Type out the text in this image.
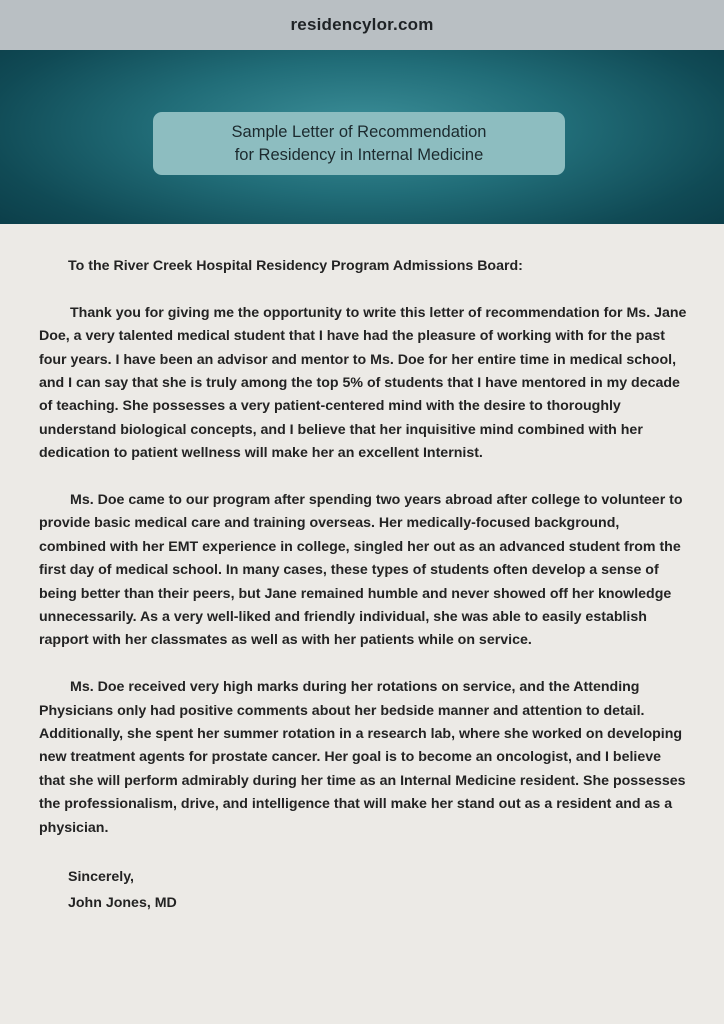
residencylor.com
Sample Letter of Recommendation
for Residency in Internal Medicine

To the River Creek Hospital Residency Program Admissions Board:

Thank you for giving me the opportunity to write this letter of recommendation for Ms. Jane Doe, a very talented medical student that I have had the pleasure of working with for the past four years. I have been an advisor and mentor to Ms. Doe for her entire time in medical school, and I can say that she is truly among the top 5% of students that I have mentored in my decade of teaching. She possesses a very patient-centered mind with the desire to thoroughly understand biological concepts, and I believe that her inquisitive mind combined with her dedication to patient wellness will make her an excellent Internist.

Ms. Doe came to our program after spending two years abroad after college to volunteer to provide basic medical care and training overseas. Her medically-focused background, combined with her EMT experience in college, singled her out as an advanced student from the first day of medical school. In many cases, these types of students often develop a sense of being better than their peers, but Jane remained humble and never showed off her knowledge unnecessarily. As a very well-liked and friendly individual, she was able to easily establish rapport with her classmates as well as with her patients while on service.

Ms. Doe received very high marks during her rotations on service, and the Attending Physicians only had positive comments about her bedside manner and attention to detail. Additionally, she spent her summer rotation in a research lab, where she worked on developing new treatment agents for prostate cancer. Her goal is to become an oncologist, and I believe that she will perform admirably during her time as an Internal Medicine resident. She possesses the professionalism, drive, and intelligence that will make her stand out as a resident and as a physician.

Sincerely,
John Jones, MD
